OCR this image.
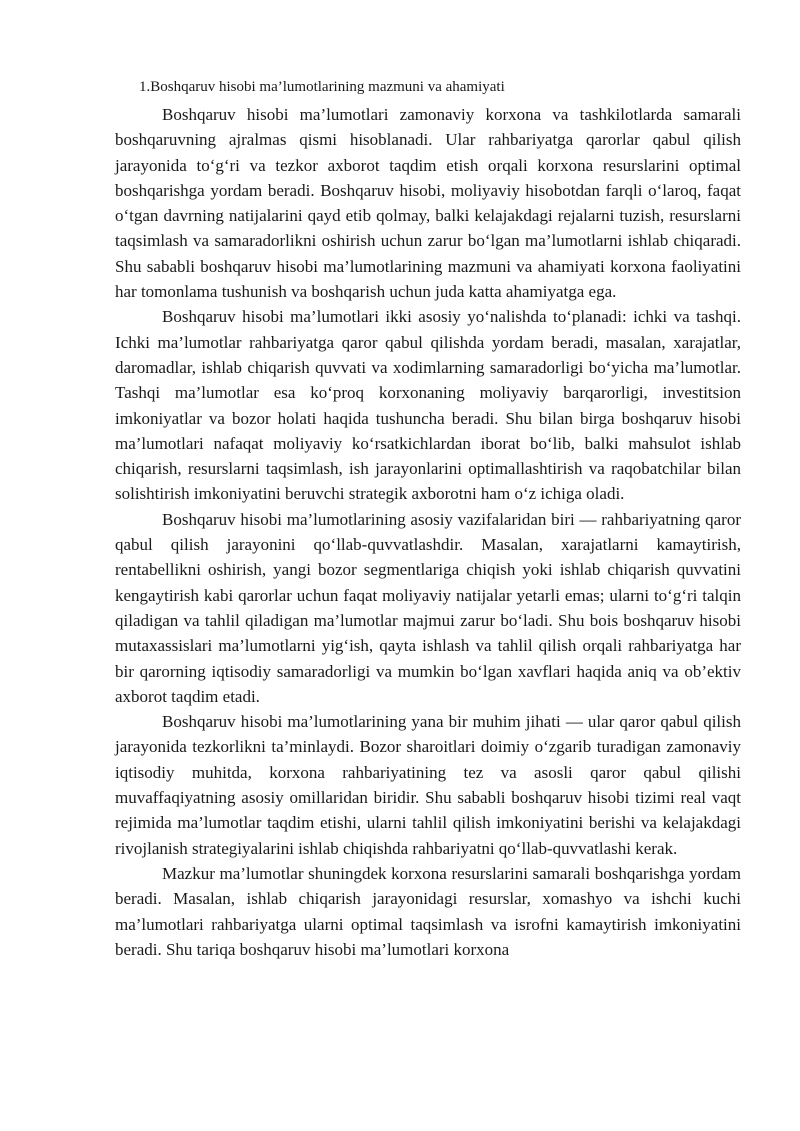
1.Boshqaruv hisobi ma’lumotlarining mazmuni va ahamiyati

Boshqaruv hisobi ma’lumotlari zamonaviy korxona va tashkilotlarda samarali boshqaruvning ajralmas qismi hisoblanadi. Ular rahbariyatga qarorlar qabul qilish jarayonida to‘g‘ri va tezkor axborot taqdim etish orqali korxona resurslarini optimal boshqarishga yordam beradi. Boshqaruv hisobi, moliyaviy hisobotdan farqli o‘laroq, faqat o‘tgan davrning natijalarini qayd etib qolmay, balki kelajakdagi rejalarni tuzish, resurslarni taqsimlash va samaradorlikni oshirish uchun zarur bo‘lgan ma’lumotlarni ishlab chiqaradi. Shu sababli boshqaruv hisobi ma’lumotlarining mazmuni va ahamiyati korxona faoliyatini har tomonlama tushunish va boshqarish uchun juda katta ahamiyatga ega.

Boshqaruv hisobi ma’lumotlari ikki asosiy yo‘nalishda to‘planadi: ichki va tashqi. Ichki ma’lumotlar rahbariyatga qaror qabul qilishda yordam beradi, masalan, xarajatlar, daromadlar, ishlab chiqarish quvvati va xodimlarning samaradorligi bo‘yicha ma’lumotlar. Tashqi ma’lumotlar esa ko‘proq korxonaning moliyaviy barqarorligi, investitsion imkoniyatlar va bozor holati haqida tushuncha beradi. Shu bilan birga boshqaruv hisobi ma’lumotlari nafaqat moliyaviy ko‘rsatkichlardan iborat bo‘lib, balki mahsulot ishlab chiqarish, resurslarni taqsimlash, ish jarayonlarini optimallashtirish va raqobatchilar bilan solishtirish imkoniyatini beruvchi strategik axborotni ham o‘z ichiga oladi.

Boshqaruv hisobi ma’lumotlarining asosiy vazifalaridan biri — rahbariyatning qaror qabul qilish jarayonini qo‘llab-quvvatlashdir. Masalan, xarajatlarni kamaytirish, rentabellikni oshirish, yangi bozor segmentlariga chiqish yoki ishlab chiqarish quvvatini kengaytirish kabi qarorlar uchun faqat moliyaviy natijalar yetarli emas; ularni to‘g‘ri talqin qiladigan va tahlil qiladigan ma’lumotlar majmui zarur bo‘ladi. Shu bois boshqaruv hisobi mutaxassislari ma’lumotlarni yig‘ish, qayta ishlash va tahlil qilish orqali rahbariyatga har bir qarorning iqtisodiy samaradorligi va mumkin bo‘lgan xavflari haqida aniq va ob’ektiv axborot taqdim etadi.

Boshqaruv hisobi ma’lumotlarining yana bir muhim jihati — ular qaror qabul qilish jarayonida tezkorlikni ta’minlaydi. Bozor sharoitlari doimiy o‘zgarib turadigan zamonaviy iqtisodiy muhitda, korxona rahbariyatining tez va asosli qaror qabul qilishi muvaffaqiyatning asosiy omillaridan biridir. Shu sababli boshqaruv hisobi tizimi real vaqt rejimida ma’lumotlar taqdim etishi, ularni tahlil qilish imkoniyatini berishi va kelajakdagi rivojlanish strategiyalarini ishlab chiqishda rahbariyatni qo‘llab-quvvatlashi kerak.

Mazkur ma’lumotlar shuningdek korxona resurslarini samarali boshqarishga yordam beradi. Masalan, ishlab chiqarish jarayonidagi resurslar, xomashyo va ishchi kuchi ma’lumotlari rahbariyatga ularni optimal taqsimlash va isrofni kamaytirish imkoniyatini beradi. Shu tariqa boshqaruv hisobi ma’lumotlari korxona
